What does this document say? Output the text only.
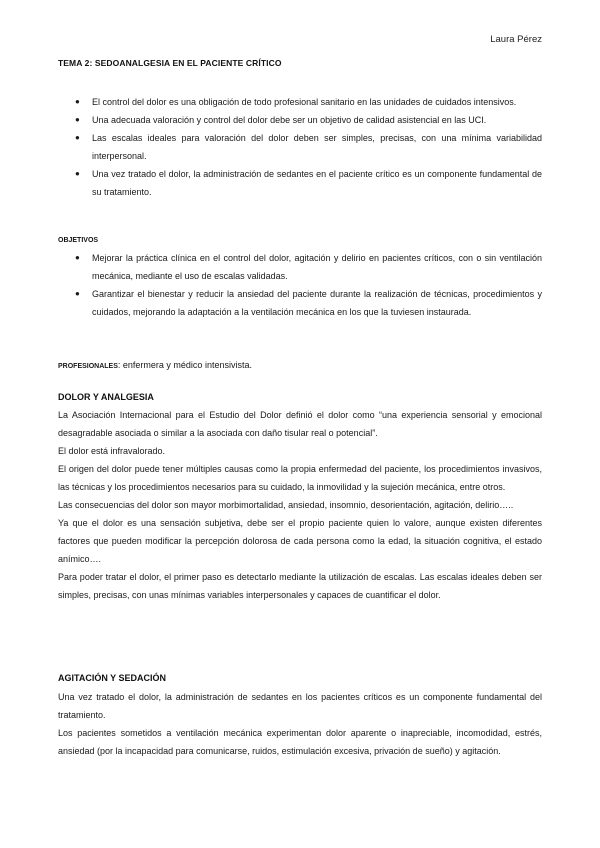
Laura Pérez
TEMA 2: SEDOANALGESIA EN EL PACIENTE CRÍTICO
● El control del dolor es una obligación de todo profesional sanitario en las unidades de cuidados intensivos.
● Una adecuada valoración y control del dolor debe ser un objetivo de calidad asistencial en las UCI.
● Las escalas ideales para valoración del dolor deben ser simples, precisas, con una mínima variabilidad interpersonal.
● Una vez tratado el dolor, la administración de sedantes en el paciente crítico es un componente fundamental de su tratamiento.
OBJETIVOS
● Mejorar la práctica clínica en el control del dolor, agitación y delirio en pacientes críticos, con o sin ventilación mecánica, mediante el uso de escalas validadas.
● Garantizar el bienestar y reducir la ansiedad del paciente durante la realización de técnicas, procedimientos y cuidados, mejorando la adaptación a la ventilación mecánica en los que la tuviesen instaurada.
PROFESIONALES: enfermera y médico intensivista.
DOLOR Y ANALGESIA

La Asociación Internacional para el Estudio del Dolor definió el dolor como “una experiencia sensorial y emocional desagradable asociada o similar a la asociada con daño tisular real o potencial”.

El dolor está infravalorado.

El origen del dolor puede tener múltiples causas como la propia enfermedad del paciente, los procedimientos invasivos, las técnicas y los procedimientos necesarios para su cuidado, la inmovilidad y la sujeción mecánica, entre otros.

Las consecuencias del dolor son mayor morbimortalidad, ansiedad, insomnio, desorientación, agitación, delirio…..

Ya que el dolor es una sensación subjetiva, debe ser el propio paciente quien lo valore, aunque existen diferentes factores que pueden modificar la percepción dolorosa de cada persona como la edad, la situación cognitiva, el estado anímico….

Para poder tratar el dolor, el primer paso es detectarlo mediante la utilización de escalas. Las escalas ideales deben ser simples, precisas, con unas mínimas variables interpersonales y capaces de cuantificar el dolor.

AGITACIÓN Y SEDACIÓN

Una vez tratado el dolor, la administración de sedantes en los pacientes críticos es un componente fundamental del tratamiento.

Los pacientes sometidos a ventilación mecánica experimentan dolor aparente o inapreciable, incomodidad, estrés, ansiedad (por la incapacidad para comunicarse, ruidos, estimulación excesiva, privación de sueño) y agitación.
